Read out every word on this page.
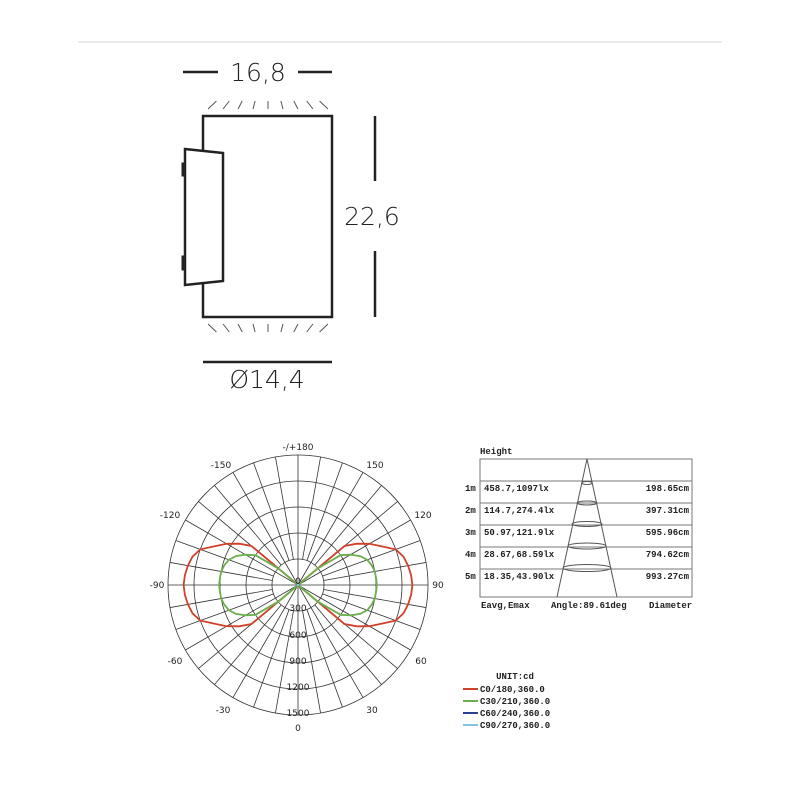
16,8
22,6
Ø14,4
-/+180
150
-150
120
-120
90
-90
60
-60
30
-30
0
0
300
600
900
1200
1500
UNIT:cd
C0/180,360.0
C30/210,360.0
C60/240,360.0
C90/270,360.0
Height
1m 458.7,1097lx	198.65cm
2m 114.7,274.4lx	397.31cm
3m 50.97,121.9lx	595.96cm
4m 28.67,68.59lx	794.62cm
5m 18.35,43.90lx	993.27cm
Eavg,Emax Angle:89.61deg Diameter
